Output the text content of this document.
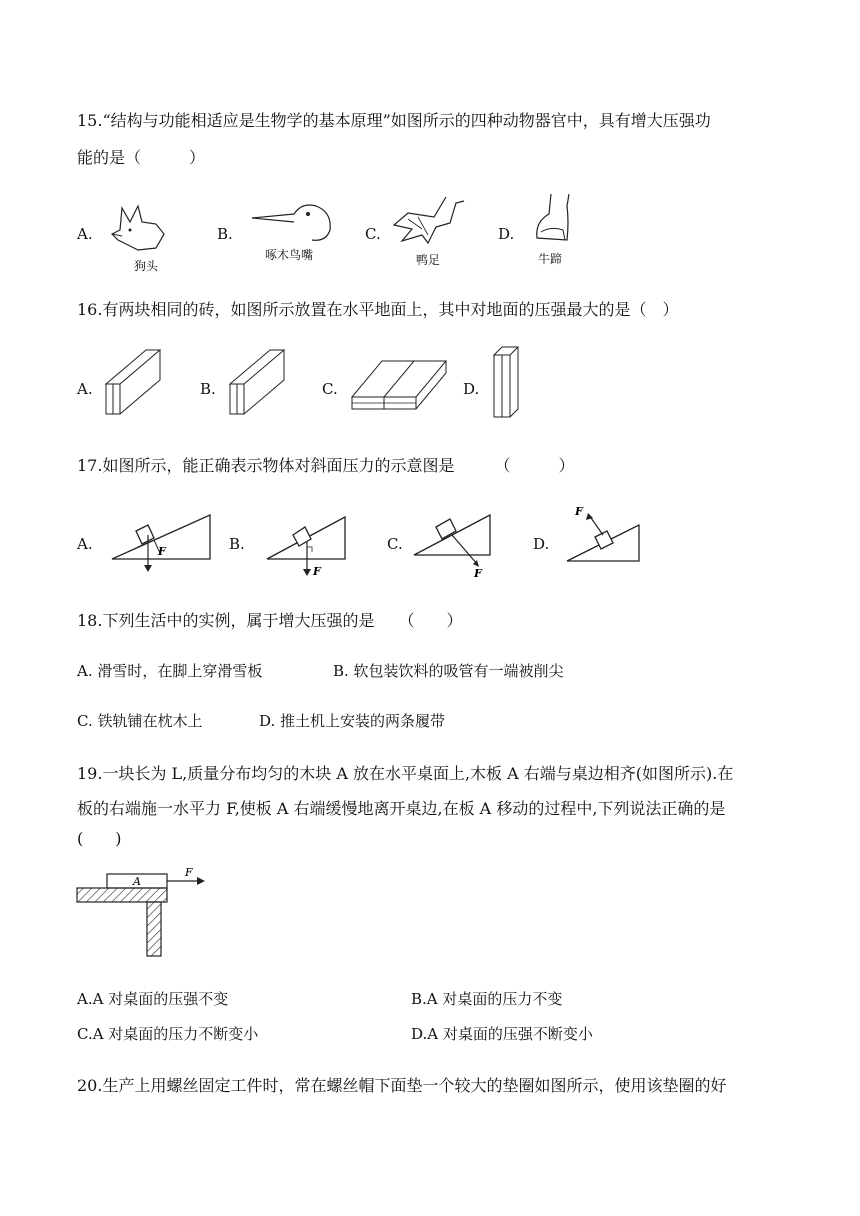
15.“结构与功能相适应是生物学的基本原理”如图所示的四种动物器官中，具有增大压强功
能的是（　　　）
A.
狗头
B.
啄木鸟嘴
C.
鸭足
D.
牛蹄
16.有两块相同的砖，如图所示放置在水平地面上，其中对地面的压强最大的是（　）
A.	B.	C.	D.
17.如图所示，能正确表示物体对斜面压力的示意图是　　　（　　　）
A.	F	B.
F
C.
F
D.
F
18.下列生活中的实例，属于增大压强的是　　（　　）
A. 滑雪时，在脚上穿滑雪板	B. 软包装饮料的吸管有一端被削尖
C. 铁轨铺在枕木上	D. 推土机上安装的两条履带
19.一块长为 L,质量分布均匀的木块 A 放在水平桌面上,木板 A 右端与桌边相齐(如图所示).在
板的右端施一水平力 F,使板 A 右端缓慢地离开桌边,在板 A 移动的过程中,下列说法正确的是
(　　)
A
F
A.A 对桌面的压强不变	B.A 对桌面的压力不变
C.A 对桌面的压力不断变小	D.A 对桌面的压强不断变小
20.生产上用螺丝固定工件时，常在螺丝帽下面垫一个较大的垫圈如图所示，使用该垫圈的好
